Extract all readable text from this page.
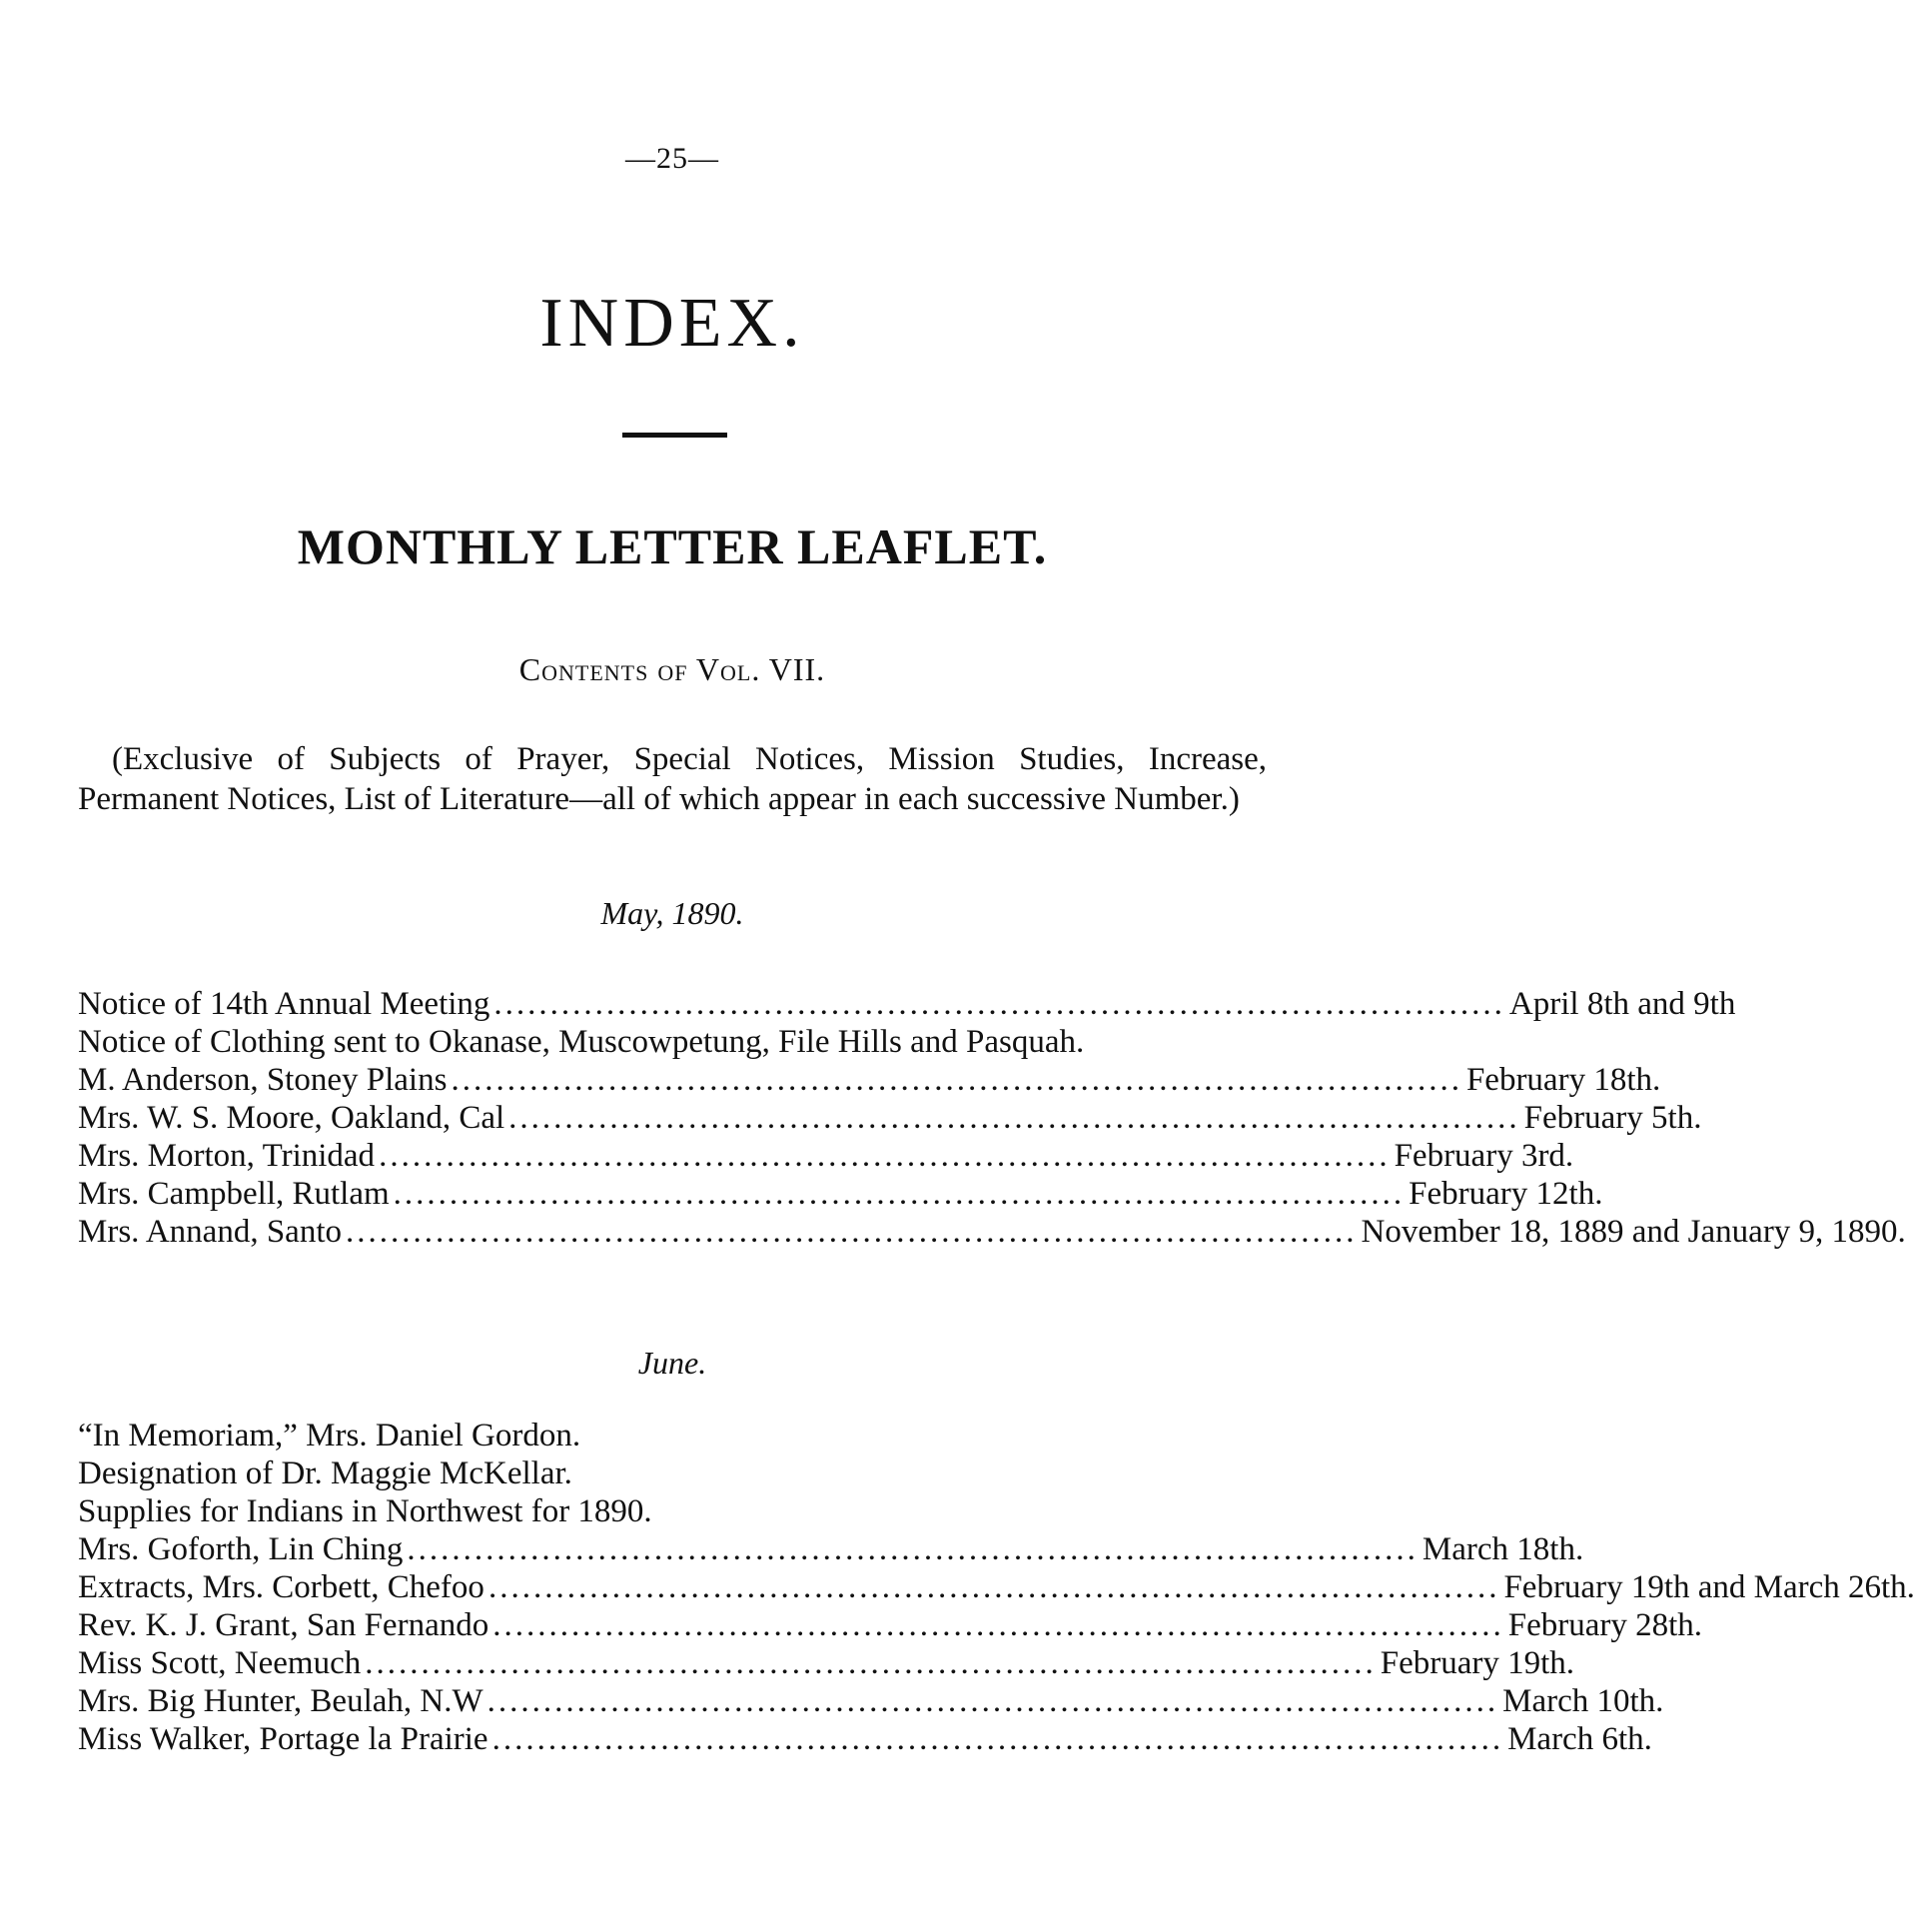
—25—
INDEX.
MONTHLY LETTER LEAFLET.
Contents of Vol. VII.

(Exclusive of Subjects of Prayer, Special Notices, Mission Studies, Increase, Permanent Notices, List of Literature—all of which appear in each successive Number.)

May, 1890.
Notice of 14th Annual Meeting .......................................................................................... April 8th and 9th
Notice of Clothing sent to Okanase, Muscowpetung, File Hills and Pasquah.
M. Anderson, Stoney Plains .......................................................................................... February 18th.
Mrs. W. S. Moore, Oakland, Cal .......................................................................................... February 5th.
Mrs. Morton, Trinidad .......................................................................................... February 3rd.
Mrs. Campbell, Rutlam .......................................................................................... February 12th.
Mrs. Annand, Santo .......................................................................................... November 18, 1889 and January 9, 1890.
June.
“In Memoriam,” Mrs. Daniel Gordon.
Designation of Dr. Maggie McKellar.
Supplies for Indians in Northwest for 1890.
Mrs. Goforth, Lin Ching .......................................................................................... March 18th.
Extracts, Mrs. Corbett, Chefoo .......................................................................................... February 19th and March 26th.
Rev. K. J. Grant, San Fernando .......................................................................................... February 28th.
Miss Scott, Neemuch .......................................................................................... February 19th.
Mrs. Big Hunter, Beulah, N.W .......................................................................................... March 10th.
Miss Walker, Portage la Prairie .......................................................................................... March 6th.
